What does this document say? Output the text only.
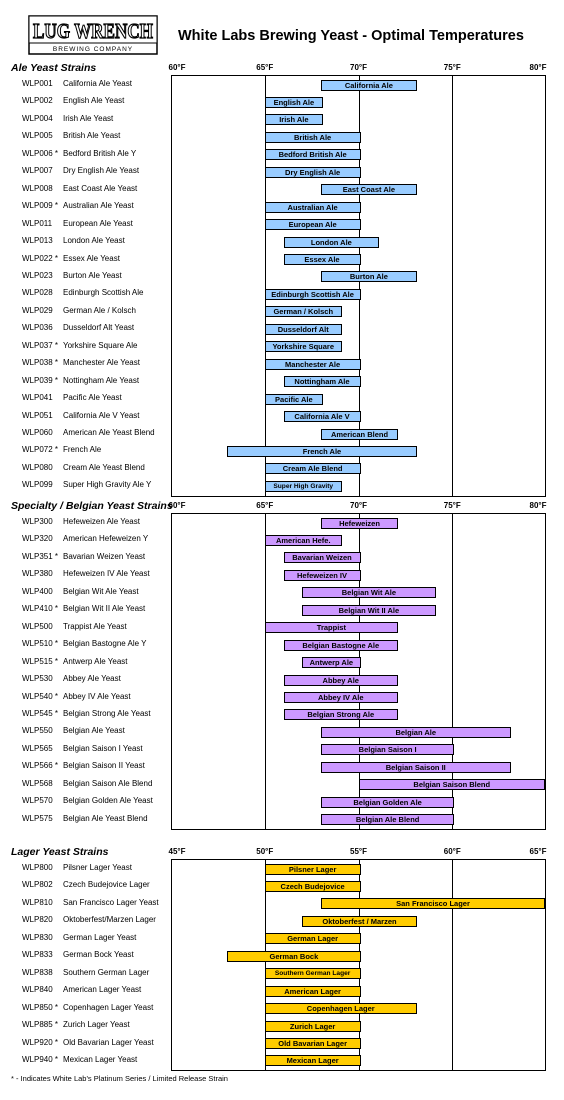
LUG WRENCH
BREWING COMPANY
White Labs Brewing Yeast - Optimal Temperatures
Ale Yeast Strains	60°F	65°F	70°F	75°F	80°F
California Ale
English Ale
Irish Ale
British Ale
Bedford British Ale
Dry English Ale
East Coast Ale
Australian Ale
European Ale
London Ale
Essex Ale
Burton Ale
Edinburgh Scottish Ale
German / Kolsch
Dusseldorf Alt
Yorkshire Square
Manchester Ale
Nottingham Ale
Pacific Ale
California Ale V
American Blend
French Ale
Cream Ale Blend
Super High Gravity
WLP001 California Ale Yeast
WLP002 English Ale Yeast
WLP004 Irish Ale Yeast
WLP005 British Ale Yeast
WLP006 * Bedford British Ale Y
WLP007 Dry English Ale Yeast
WLP008 East Coast Ale Yeast
WLP009 * Australian Ale Yeast
WLP011 European Ale Yeast
WLP013 London Ale Yeast
WLP022 * Essex Ale Yeast
WLP023 Burton Ale Yeast
WLP028 Edinburgh Scottish Ale
WLP029 German Ale / Kolsch
WLP036 Dusseldorf Alt Yeast
WLP037 * Yorkshire Square Ale
WLP038 * Manchester Ale Yeast
WLP039 * Nottingham Ale Yeast
WLP041 Pacific Ale Yeast
WLP051 California Ale V Yeast
WLP060 American Ale Yeast Blend
WLP072 * French Ale
WLP080 Cream Ale Yeast Blend
WLP099 Super High Gravity Ale Y
Specialty / Belgian Yeast Strains
60°F	65°F	70°F	75°F	80°F
Hefeweizen
American Hefe.
Bavarian Weizen
Hefeweizen IV
Belgian Wit Ale
Belgian Wit II Ale
Trappist
Belgian Bastogne Ale
Antwerp Ale
Abbey Ale
Abbey IV Ale
Belgian Strong Ale
Belgian Ale
Belgian Saison I
Belgian Saison II
Belgian Saison Blend
Belgian Golden Ale
Belgian Ale Blend
WLP300 Hefeweizen Ale Yeast
WLP320 American Hefeweizen Y
WLP351 * Bavarian Weizen Yeast
WLP380 Hefeweizen IV Ale Yeast
WLP400 Belgian Wit Ale Yeast
WLP410 * Belgian Wit II Ale Yeast
WLP500 Trappist Ale Yeast
WLP510 * Belgian Bastogne Ale Y
WLP515 * Antwerp Ale Yeast
WLP530 Abbey Ale Yeast
WLP540 * Abbey IV Ale Yeast
WLP545 * Belgian Strong Ale Yeast
WLP550 Belgian Ale Yeast
WLP565 Belgian Saison I Yeast
WLP566 * Belgian Saison II Yeast
WLP568 Belgian Saison Ale Blend
WLP570 Belgian Golden Ale Yeast
WLP575 Belgian Ale Yeast Blend
Lager Yeast Strains	45°F	50°F	55°F	60°F	65°F
Pilsner Lager
Czech Budejovice
San Francisco Lager
Oktoberfest / Marzen
German Lager
German Bock
Southern German Lager
American Lager
Copenhagen Lager
Zurich Lager
Old Bavarian Lager
Mexican Lager
WLP800 Pilsner Lager Yeast
WLP802 Czech Budejovice Lager
WLP810 San Francisco Lager Yeast
WLP820 Oktoberfest/Marzen Lager
WLP830 German Lager Yeast
WLP833 German Bock Yeast
WLP838 Southern German Lager
WLP840 American Lager Yeast
WLP850 * Copenhagen Lager Yeast
WLP885 * Zurich Lager Yeast
WLP920 * Old Bavarian Lager Yeast
WLP940 * Mexican Lager Yeast
* - Indicates White Lab's Platinum Series / Limited Release Strain
